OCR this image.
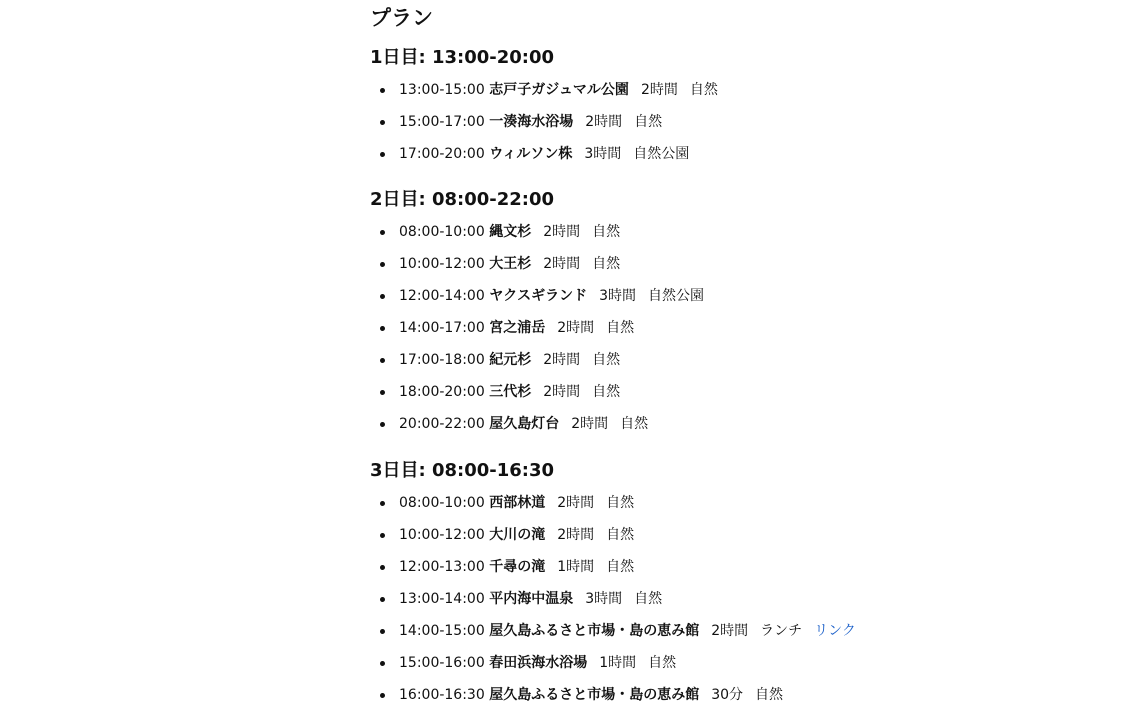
プラン
1日目: 13:00-20:00
13:00-15:00 志戸子ガジュマル公園 2時間 自然
15:00-17:00 一湊海水浴場 2時間 自然
17:00-20:00 ウィルソン株 3時間 自然公園
2日目: 08:00-22:00
08:00-10:00 縄文杉 2時間 自然
10:00-12:00 大王杉 2時間 自然
12:00-14:00 ヤクスギランド 3時間 自然公園
14:00-17:00 宮之浦岳 2時間 自然
17:00-18:00 紀元杉 2時間 自然
18:00-20:00 三代杉 2時間 自然
20:00-22:00 屋久島灯台 2時間 自然
3日目: 08:00-16:30
08:00-10:00 西部林道 2時間 自然
10:00-12:00 大川の滝 2時間 自然
12:00-13:00 千尋の滝 1時間 自然
13:00-14:00 平内海中温泉 3時間 自然
14:00-15:00 屋久島ふるさと市場・島の恵み館 2時間 ランチ リンク
15:00-16:00 春田浜海水浴場 1時間 自然
16:00-16:30 屋久島ふるさと市場・島の恵み館 30分 自然
